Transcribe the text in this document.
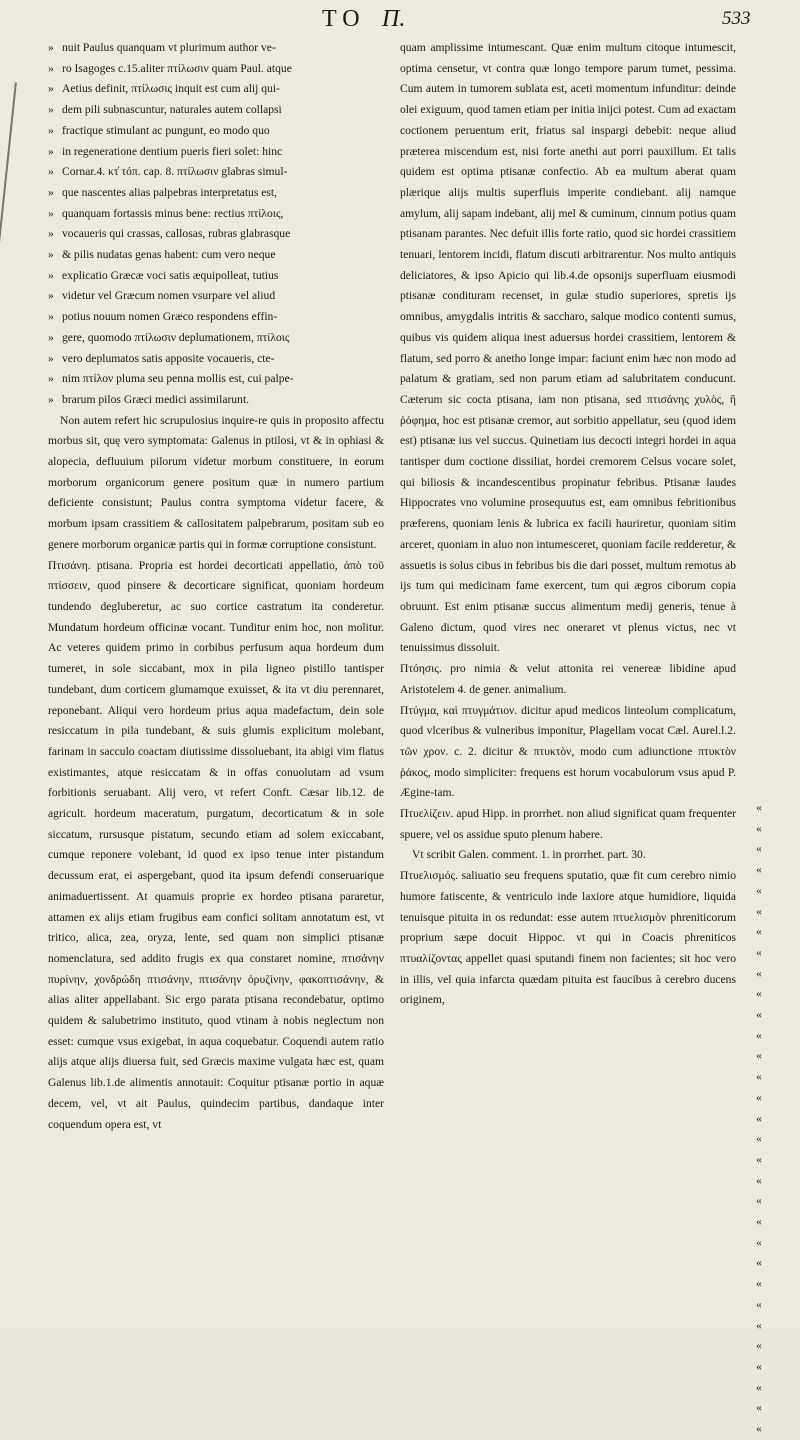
TO Π.	533

» nuit Paulus quanquam vt plurimum author ve-

» ro Isagoges c.15.aliter πτίλωσιν quam Paul. atque

» Aetius definit, πτίλωσις inquit est cum alij qui-

» dem pili subnascuntur, naturales autem collapsi

» fractique stimulant ac pungunt, eo modo quo

» in regeneratione dentium pueris fieri solet: hinc

» Cornar.4. κτ̓ τόπ. cap. 8. πτίλωσιν glabras simul-

» que nascentes alias palpebras interpretatus est,

» quanquam fortassis minus bene: rectius πτίλοις,

» vocaueris qui crassas, callosas, rubras glabrasque

» & pilis nudatas genas habent: cum vero neque

» explicatio Græcæ voci satis æquipolleat, tutius

» videtur vel Græcum nomen vsurpare vel aliud

» potius nouum nomen Græco respondens effin-

» gere, quomodo πτίλωσιν deplumationem, πτίλοις

» vero deplumatos satis apposite vocaueris, cte-

» nim πτίλον pluma seu penna mollis est, cui palpe-

» brarum pilos Græci medici assimilarunt.

Non autem refert hic scrupulosius inquire-re quis in proposito affectu morbus sit, quę vero symptomata: Galenus in ptilosi, vt & in ophiasi & alopecia, defluuium pilorum videtur morbum constituere, in eorum morborum organicorum genere positum quæ in numero partium deficiente consistunt; Paulus contra symptoma videtur facere, & morbum ipsam crassitiem & callositatem palpebrarum, positam sub eo genere morborum organicæ partis qui in formæ corruptione consistunt.

Πτισάνη. ptisana. Propria est hordei decorticati appellatio, ἀπὸ τοῦ πτίσσειν, quod pinsere & decorticare significat, quoniam hordeum tundendo degluberetur, ac suo cortice castratum ita conderetur. Mundatum hordeum officinæ vocant. Tunditur enim hoc, non molitur. Ac veteres quidem primo in corbibus perfusum aqua hordeum dum tumeret, in sole siccabant, mox in pila ligneo pistillo tantisper tundebant, dum corticem glumamque exuisset, & ita vt diu perennaret, reponebant. Aliqui vero hordeum prius aqua madefactum, dein sole resiccatum in pila tundebant, & suis glumis explicitum molebant, farinam in sacculo coactam diutissime dissoluebant, ita abigi vim flatus existimantes, atque resiccatam & in offas conuolutam ad vsum forbitionis seruabant. Alij vero, vt refert Conft. Cæsar lib.12. de agricult. hordeum maceratum, purgatum, decorticatum & in sole siccatum, rursusque pistatum, secundo etiam ad solem exiccabant, cumque reponere volebant, id quod ex ipso tenue inter pistandum decussum erat, ei aspergebant, quod ita ipsum defendi conseruarique animaduertissent. At quamuis proprie ex hordeo ptisana pararetur, attamen ex alijs etiam frugibus eam confici solitam annotatum est, vt tritico, alica, zea, oryza, lente, sed quam non simplici ptisanæ nomenclatura, sed addito frugis ex qua constaret nomine, πτισάνην πυρίνην, χονδρώδη πτισάνην, πτισάνην ὀρυζίνην, φακοπτισάνην, & alias aliter appellabant. Sic ergo parata ptisana recondebatur, optimo quidem & salubetrimo instituto, quod vtinam à nobis neglectum non esset: cumque vsus exigebat, in aqua coquebatur. Coquendi autem ratio alijs atque alijs diuersa fuit, sed Græcis maxime vulgata hæc est, quam Galenus lib.1.de alimentis annotauit: Coquitur ptisanæ portio in aquæ decem, vel, vt ait Paulus, quindecim partibus, dandaque inter coquendum opera est, vt

quam amplissime intumescant. Quæ enim multum citoque intumescit, optima censetur, vt contra quæ longo tempore parum tumet, pessima. Cum autem in tumorem sublata est, aceti momentum infunditur: deinde olei exiguum, quod tamen etiam per initia inijci potest. Cum ad exactam coctionem peruentum erit, friatus sal inspargi debebit: neque aliud præterea miscendum est, nisi forte anethi aut porri pauxillum. Et talis quidem est optima ptisanæ confectio. Ab ea multum aberat quam plærique alijs multis superfluis imperite condiebant. alij namque amylum, alij sapam indebant, alij mel & cuminum, cinnum potius quam ptisanam parantes. Nec defuit illis forte ratio, quod sic hordei crassitiem tenuari, lentorem incidi, flatum discuti arbitrarentur. Nos multo antiquis deliciatores, & ipso Apicio qui lib.4.de opsonijs superfluam eiusmodi ptisanæ condituram recenset, in gulæ studio superiores, spretis ijs omnibus, amygdalis intritis & saccharo, salque modico contenti sumus, quibus vis quidem aliqua inest aduersus hordei crassitiem, lentorem & flatum, sed porro & anetho longe impar: faciunt enim hæc non modo ad palatum & gratiam, sed non parum etiam ad salubritatem conducunt. Cæterum sic cocta ptisana, iam non ptisana, sed πτισάνης χυλὸς, ἢ ῥόφημα, hoc est ptisanæ cremor, aut sorbitio appellatur, seu (quod idem est) ptisanæ ius vel succus. Quinetiam ius decocti integri hordei in aqua tantisper dum coctione dissiliat, hordei cremorem Celsus vocare solet, qui biliosis & incandescentibus propinatur febribus. Ptisanæ laudes Hippocrates vno volumine prosequutus est, eam omnibus febritionibus præferens, quoniam lenis & lubrica ex facili hauriretur, quoniam sitim arceret, quoniam in aluo non intumesceret, quoniam facile redderetur, & assuetis is solus cibus in febribus bis die dari posset, multum remotus ab ijs tum qui medicinam fame exercent, tum qui ægros ciborum copia obruunt. Est enim ptisanæ succus alimentum medij generis, tenue à Galeno dictum, quod vires nec oneraret vt plenus victus, nec vt tenuissimus dissoluit.

Πτόησις. pro nimia & velut attonita rei venereæ libidine apud Aristotelem 4. de gener. animalium.

Πτύγμα, καὶ πτυγμάτιον. dicitur apud medicos linteolum complicatum, quod vlceribus & vulneribus imponitur, Plagellam vocat Cæl. Aurel.l.2. τῶν χρον. c. 2. dicitur & πτυκτὸν, modo cum adiunctione πτυκτὸν ῥάκος, modo simpliciter: frequens est horum vocabulorum vsus apud P. Ægine-tam.

Πτυελίζειν. apud Hipp. in prorrhet. non aliud significat quam frequenter spuere, vel os assidue sputo plenum habere.

Vt scribit Galen. comment. 1. in prorrhet. part. 30.

Πτυελισμός. saliuatio seu frequens sputatio, quæ fit cum cerebro nimio humore fatiscente, & ventriculo inde laxiore atque humidiore, liquida tenuisque pituita in os redundat: esse autem πτυελισμὸν phreniticorum proprium sæpe docuit Hippoc. vt qui in Coacis phreniticos πτυαλίζοντας appellet quasi sputandi finem non facientes; sit hoc vero in illis, vel quia infarcta quædam pituita est faucibus à cerebro ducens originem,

«
«
«
«
«
«
«
«
«
«
«
«
«
«
«
«
«
«
«
«
«
«
«
«
«
«
«
«
«
«
«
